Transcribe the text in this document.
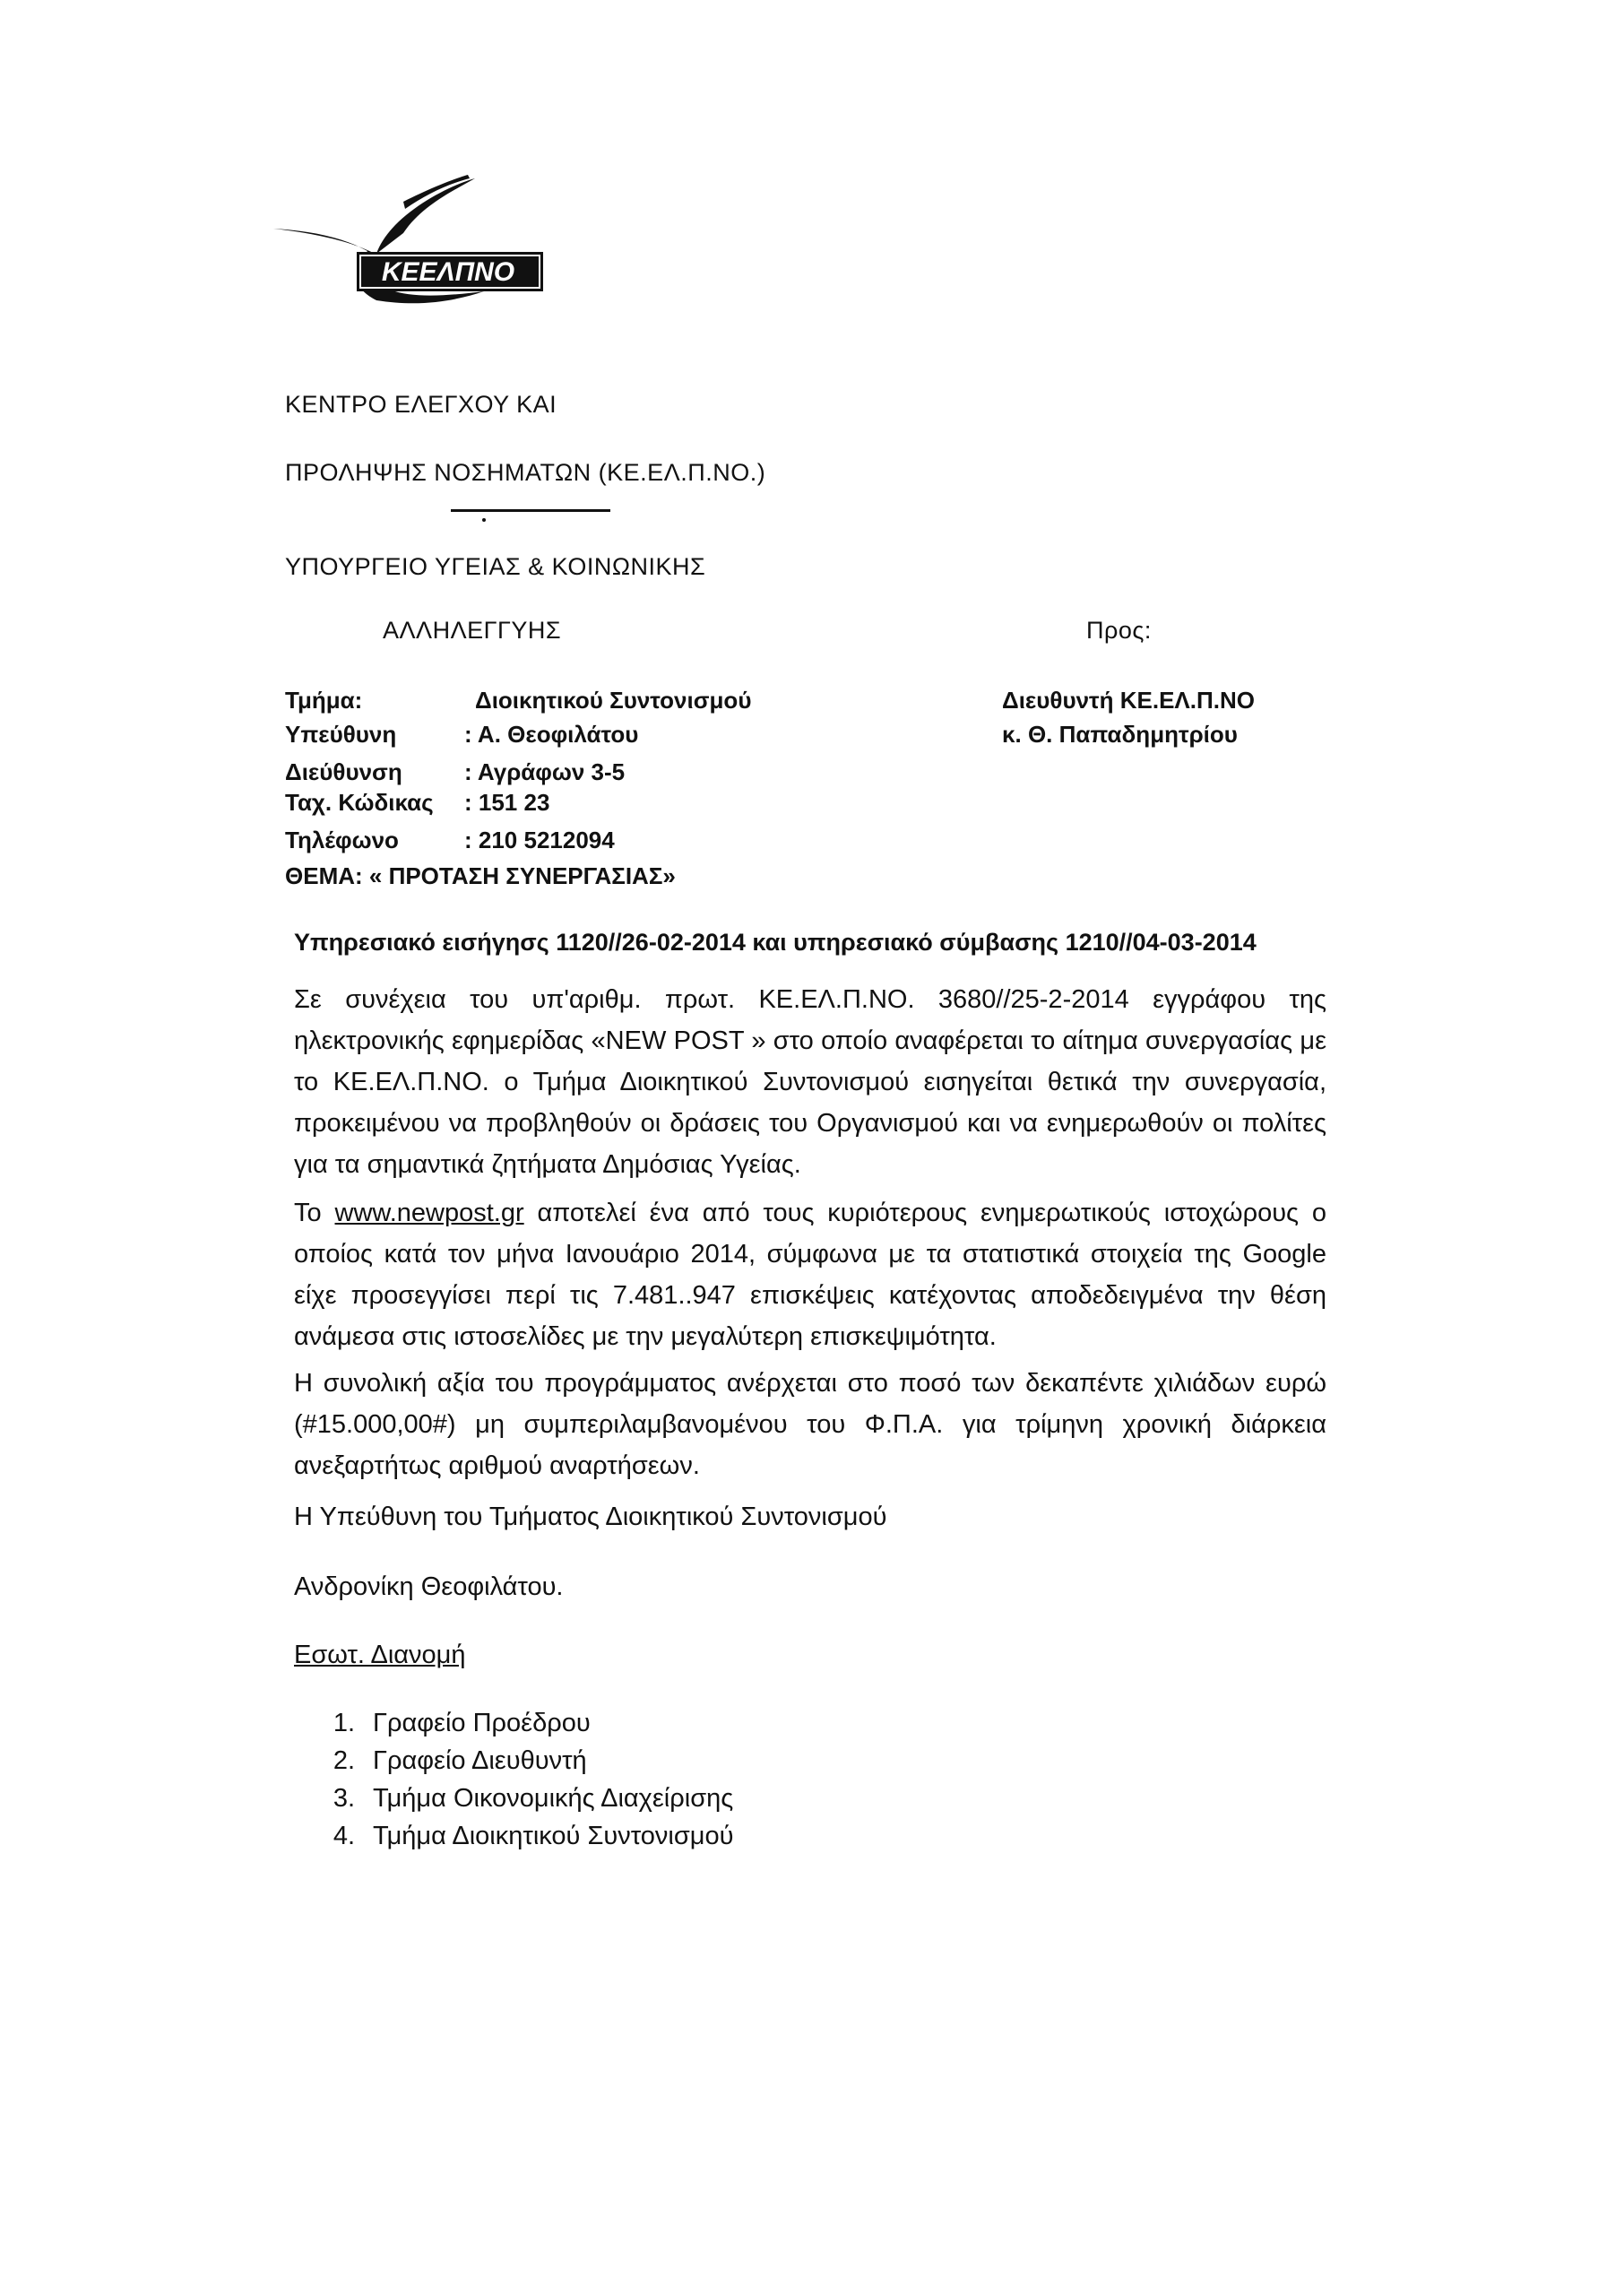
ΚΕΕΛΠΝΟ
ΚΕΝΤΡΟ ΕΛΕΓΧΟΥ ΚΑΙ
ΠΡΟΛΗΨΗΣ ΝΟΣΗΜΑΤΩΝ (ΚΕ.ΕΛ.Π.ΝΟ.)
ΥΠΟΥΡΓΕΙΟ ΥΓΕΙΑΣ & ΚΟΙΝΩΝΙΚΗΣ
ΑΛΛΗΛΕΓΓΥΗΣ	Προς:
Διευθυντή ΚΕ.ΕΛ.Π.ΝΟ
κ. Θ. Παπαδημητρίου
Τμήμα:	Διοικητικού Συντονισμού
Υπεύθυνη	: Α. Θεοφιλάτου
Διεύθυνση	: Αγράφων 3-5
Ταχ. Κώδικας : 151 23
Τηλέφωνο	: 210 5212094
ΘΕΜΑ: « ΠΡΟΤΑΣΗ ΣΥΝΕΡΓΑΣΙΑΣ»
Υπηρεσιακό εισήγησς 1120//26-02-2014 και υπηρεσιακό σύμβασης 1210//04-03-2014

Σε συνέχεια του υπ'αριθμ. πρωτ. ΚΕ.ΕΛ.Π.ΝΟ. 3680//25-2-2014 εγγράφου της ηλεκτρονικής εφημερίδας «NEW POST » στο οποίο αναφέρεται το αίτημα συνεργασίας με το ΚΕ.ΕΛ.Π.ΝΟ. ο Τμήμα Διοικητικού Συντονισμού εισηγείται θετικά την συνεργασία, προκειμένου να προβληθούν οι δράσεις του Οργανισμού και να ενημερωθούν οι πολίτες για τα σημαντικά ζητήματα Δημόσιας Υγείας.

Το www.newpost.gr αποτελεί ένα από τους κυριότερους ενημερωτικούς ιστοχώρους ο οποίος κατά τον μήνα Ιανουάριο 2014, σύμφωνα με τα στατιστικά στοιχεία της Google είχε προσεγγίσει περί τις 7.481..947 επισκέψεις κατέχοντας αποδεδειγμένα την θέση ανάμεσα στις ιστοσελίδες με την μεγαλύτερη επισκεψιμότητα.

Η συνολική αξία του προγράμματος ανέρχεται στο ποσό των δεκαπέντε χιλιάδων ευρώ (#15.000,00#) μη συμπεριλαμβανομένου του Φ.Π.Α. για τρίμηνη χρονική διάρκεια ανεξαρτήτως αριθμού αναρτήσεων.

Η Υπεύθυνη του Τμήματος Διοικητικού Συντονισμού
Ανδρονίκη Θεοφιλάτου.
Εσωτ. Διανομή
1. Γραφείο Προέδρου
2. Γραφείο Διευθυντή
3. Τμήμα Οικονομικής Διαχείρισης
4. Τμήμα Διοικητικού Συντονισμού
